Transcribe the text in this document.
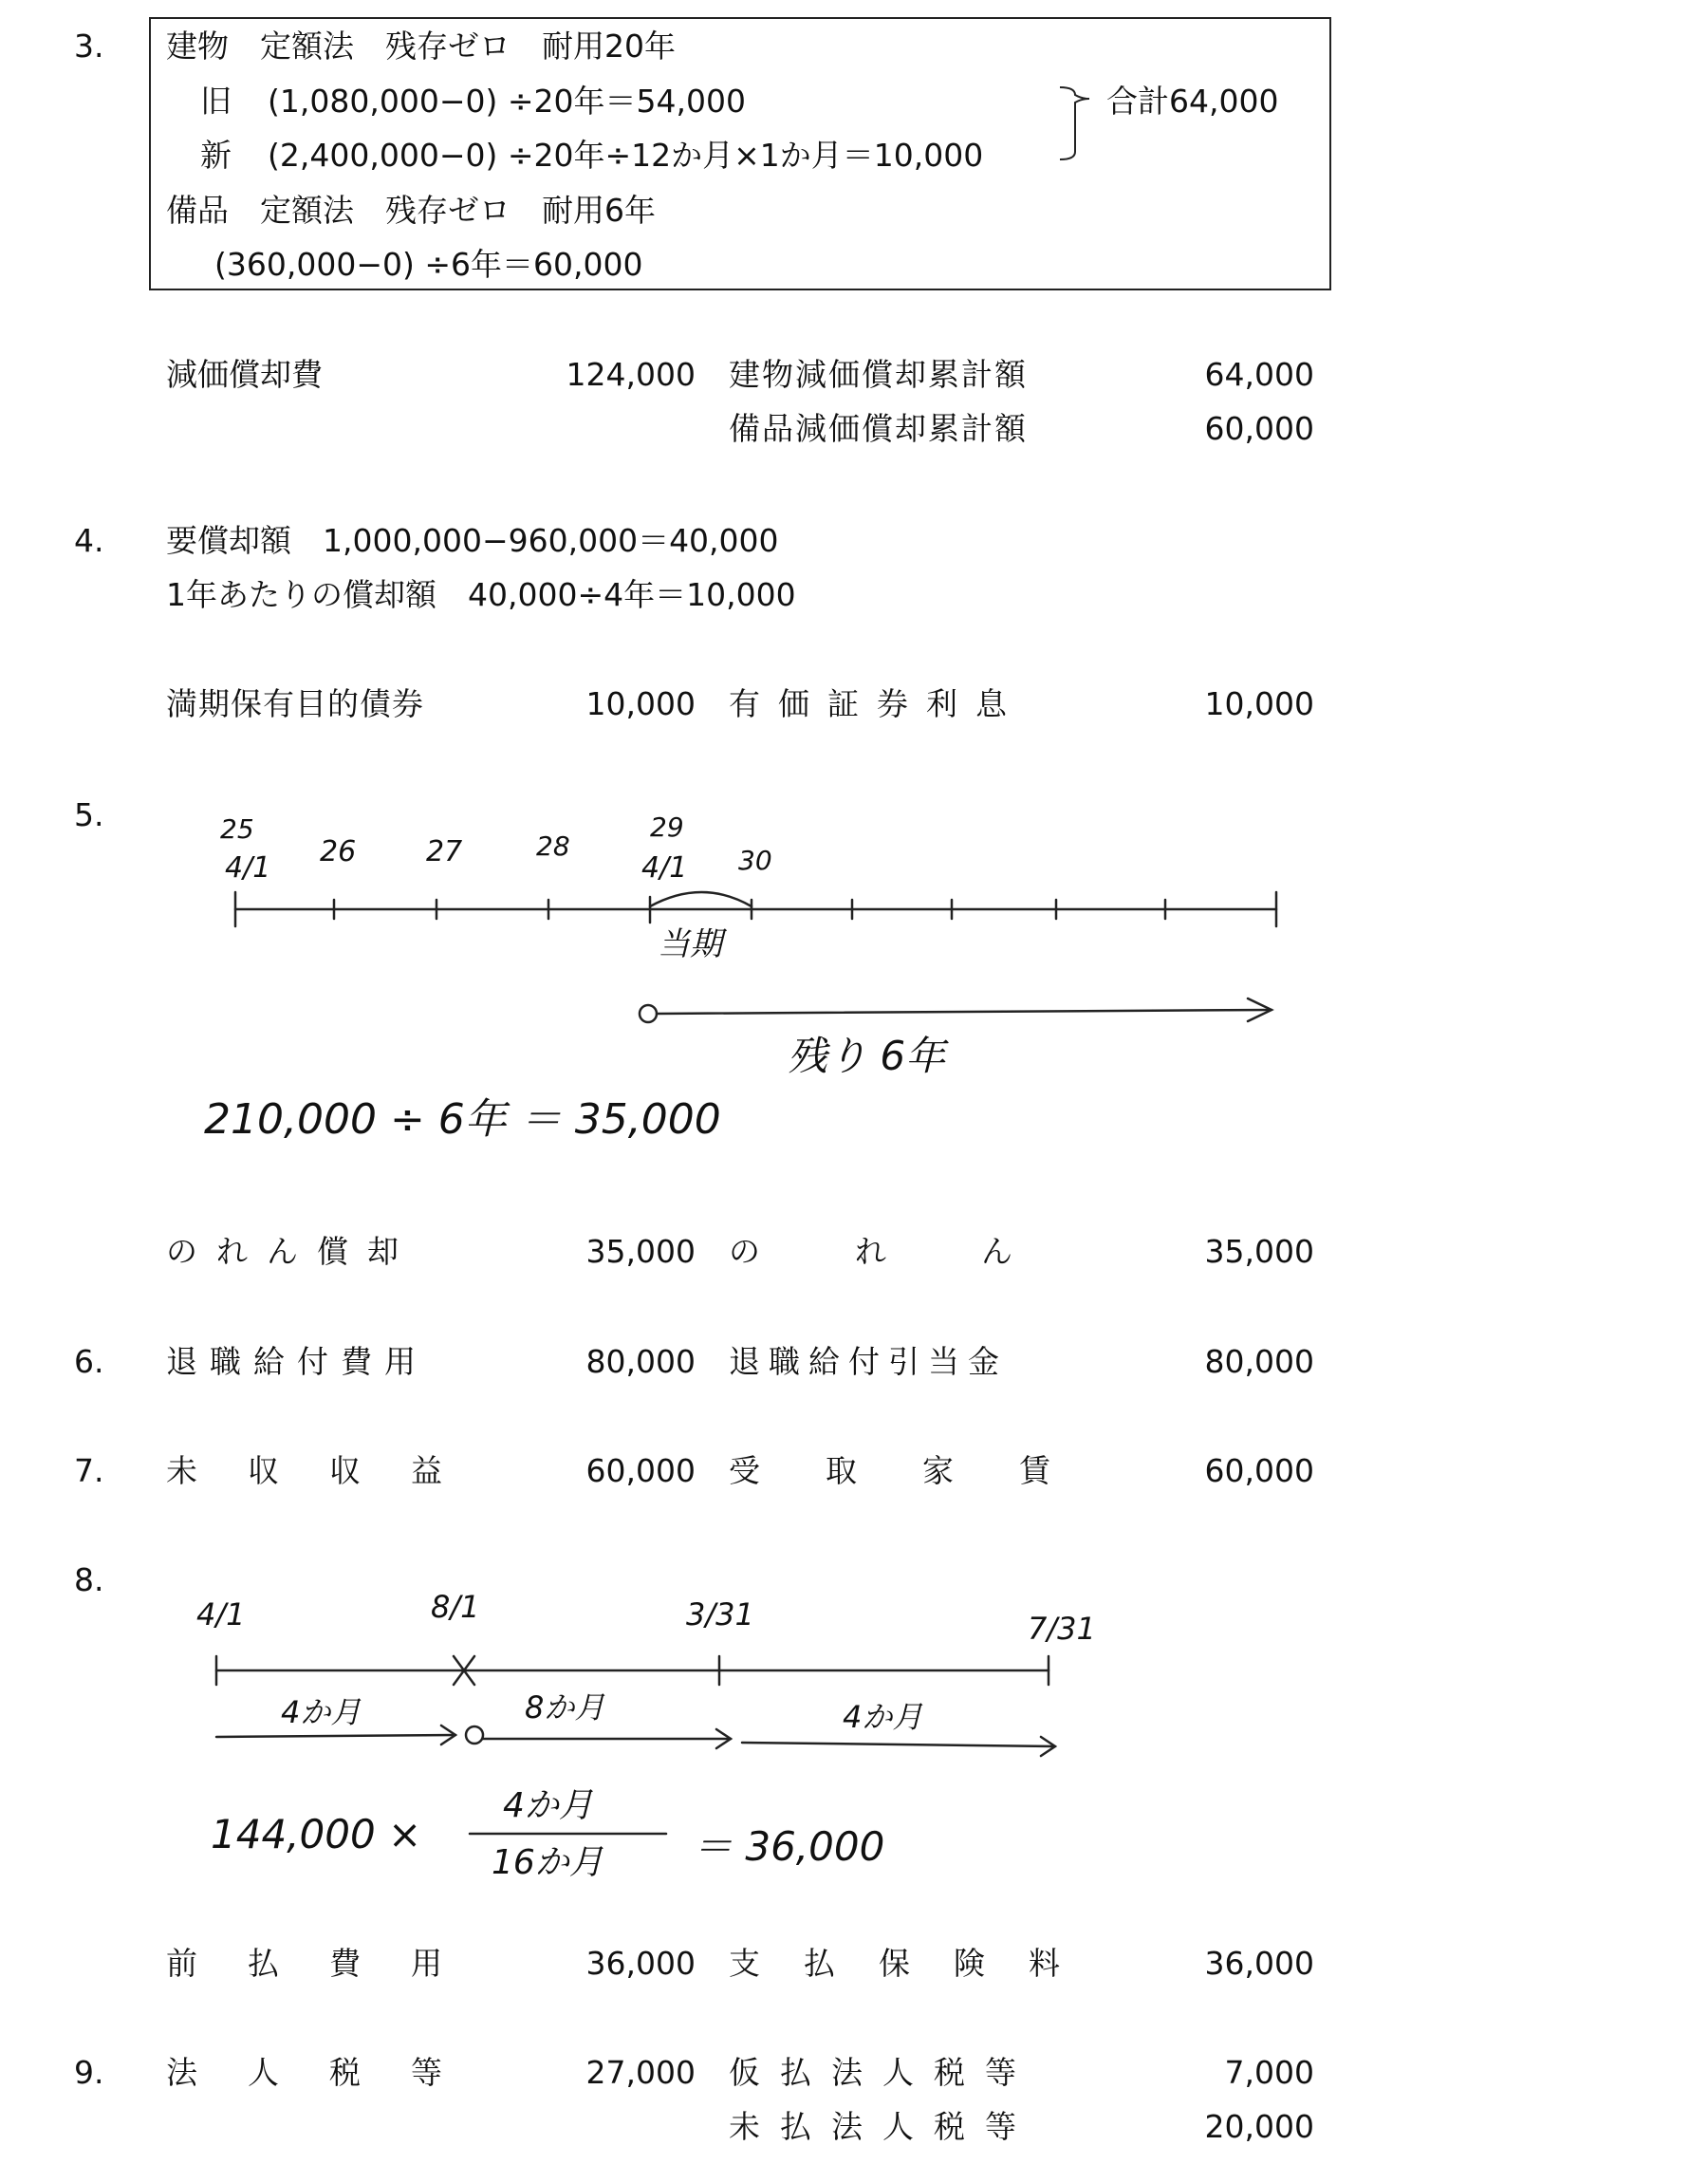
3.
4.
5.
6.
7.
8.
9.
建物　定額法　残存ゼロ　耐用20年
旧 (1,080,000−0) ÷20年＝54,000
新 (2,400,000−0) ÷20年÷12か月×1か月＝10,000
合計64,000
備品　定額法　残存ゼロ　耐用6年
(360,000−0) ÷6年＝60,000
減価償却費	124,000 建物減価償却累計額	64,000
備品減価償却累計額	60,000
要償却額　1,000,000−960,000＝40,000
1年あたりの償却額　40,000÷4年＝10,000
満期保有目的債券	10,000 有価証券利息	10,000
25
4/1 26 27	28
29
4/1 30
当期
残り 6年
210,000 ÷ 6年 ＝ 35,000
のれん償却	35,000 のれん	35,000
退職給付費用	80,000 退職給付引当金	80,000
未収収益	60,000 受取家賃	60,000
4/1	8/1	3/31	7/31
4か月	8か月	4か月
144,000 ×
4か月
16か月 ＝ 36,000
前払費用	36,000 支払保険料	36,000
法人税等	27,000 仮払法人税等	7,000
未払法人税等	20,000
